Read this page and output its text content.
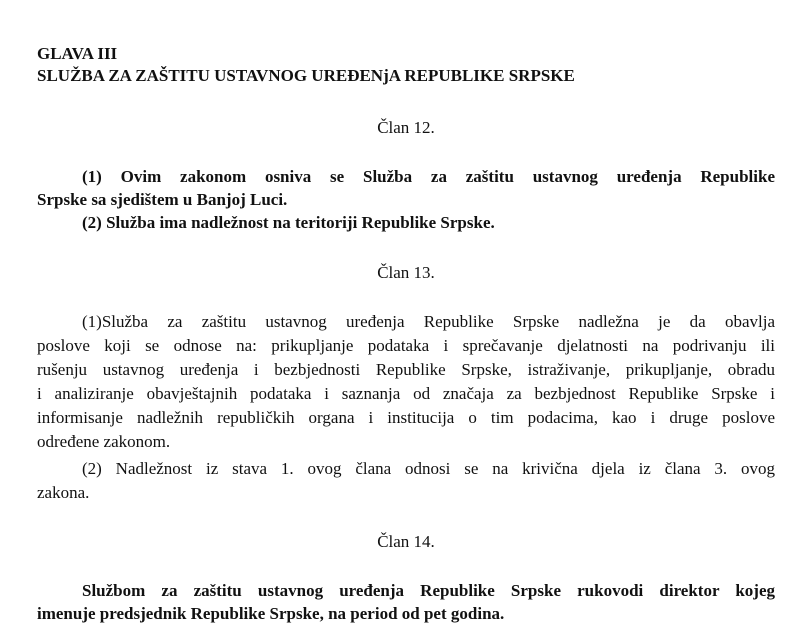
GLAVA III
SLUŽBA ZA ZAŠTITU USTAVNOG UREĐENjA REPUBLIKE SRPSKE
Član 12.
(1) Ovim zakonom osniva se Služba za zaštitu ustavnog uređenja Republike
Srpske sa sjedištem u Banjoj Luci.
(2) Služba ima nadležnost na teritoriji Republike Srpske.
Član 13.
(1)Služba za zaštitu ustavnog uređenja Republike Srpske nadležna je da obavlja
poslove koji se odnose na: prikupljanje podataka i sprečavanje djelatnosti na podrivanju ili
rušenju ustavnog uređenja i bezbjednosti Republike Srpske, istraživanje, prikupljanje, obradu
i analiziranje obavještajnih podataka i saznanja od značaja za bezbjednost Republike Srpske i
informisanje nadležnih republičkih organa i institucija o tim podacima, kao i druge poslove
određene zakonom.
(2) Nadležnost iz stava 1. ovog člana odnosi se na krivična djela iz člana 3. ovog
zakona.
Član 14.
Službom za zaštitu ustavnog uređenja Republike Srpske rukovodi direktor kojeg
imenuje predsjednik Republike Srpske, na period od pet godina.
